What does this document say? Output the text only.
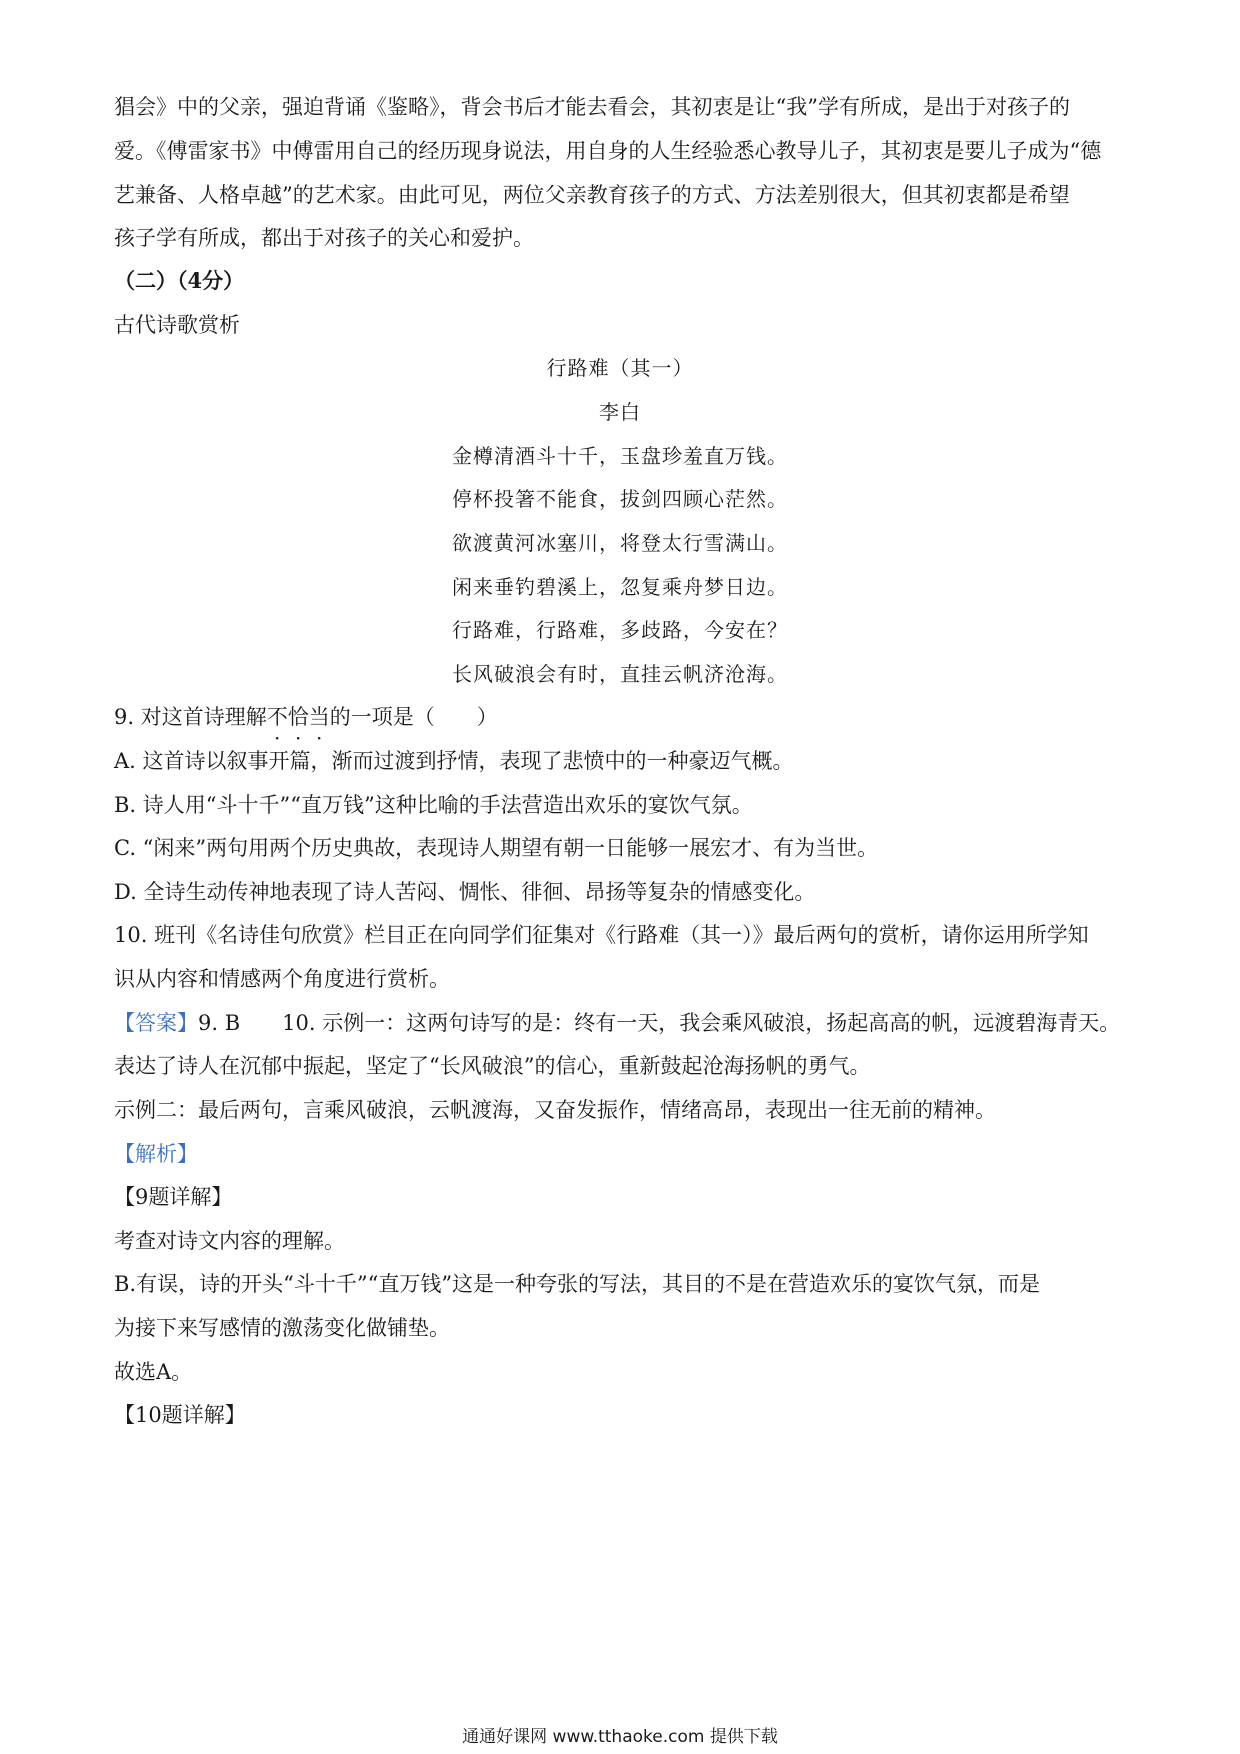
猖会》中的父亲，强迫背诵《鉴略》，背会书后才能去看会，其初衷是让“我”学有所成，是出于对孩子的
爱。《傅雷家书》中傅雷用自己的经历现身说法，用自身的人生经验悉心教导儿子，其初衷是要儿子成为“德
艺兼备、人格卓越”的艺术家。由此可见，两位父亲教育孩子的方式、方法差别很大，但其初衷都是希望
孩子学有所成，都出于对孩子的关心和爱护。
（二）（4分）
古代诗歌赏析
行路难（其一）
李白
金樽清酒斗十千，玉盘珍羞直万钱。
停杯投箸不能食，拔剑四顾心茫然。
欲渡黄河冰塞川，将登太行雪满山。
闲来垂钓碧溪上，忽复乘舟梦日边。
行路难，行路难，多歧路，今安在？
长风破浪会有时，直挂云帆济沧海。
9. 对这首诗理解不恰当的一项是（　　）
A. 这首诗以叙事开篇，渐而过渡到抒情，表现了悲愤中的一种豪迈气概。
B. 诗人用“斗十千”“直万钱”这种比喻的手法营造出欢乐的宴饮气氛。
C. “闲来”两句用两个历史典故，表现诗人期望有朝一日能够一展宏才、有为当世。
D. 全诗生动传神地表现了诗人苦闷、惆怅、徘徊、昂扬等复杂的情感变化。
10. 班刊《名诗佳句欣赏》栏目正在向同学们征集对《行路难（其一）》最后两句的赏析，请你运用所学知
识从内容和情感两个角度进行赏析。
【答案】9. B　　10. 示例一：这两句诗写的是：终有一天，我会乘风破浪，扬起高高的帆，远渡碧海青天。
表达了诗人在沉郁中振起，坚定了“长风破浪”的信心，重新鼓起沧海扬帆的勇气。
示例二：最后两句，言乘风破浪，云帆渡海，又奋发振作，情绪高昂，表现出一往无前的精神。
【解析】
【9题详解】
考查对诗文内容的理解。
B.有误，诗的开头“斗十千”“直万钱”这是一种夸张的写法，其目的不是在营造欢乐的宴饮气氛，而是
为接下来写感情的激荡变化做铺垫。
故选A。
【10题详解】
通通好课网 www.tthaoke.com 提供下载
